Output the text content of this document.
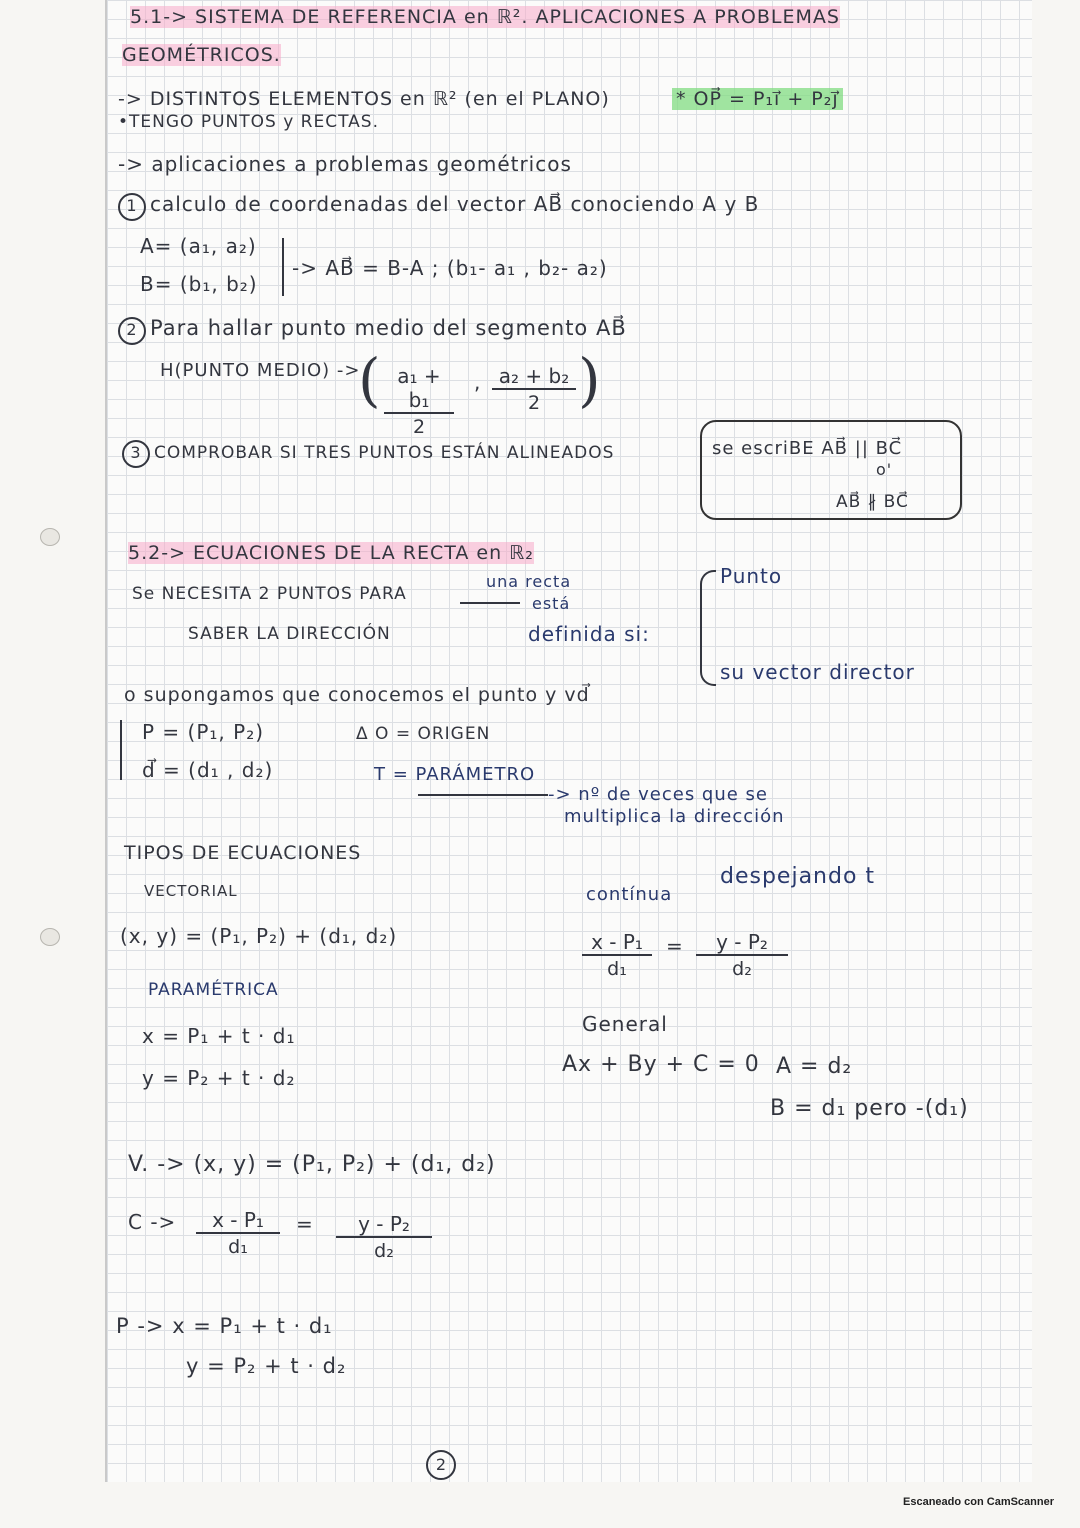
5.1-> SISTEMA DE REFERENCIA en ℝ². APLICACIONES A PROBLEMAS
GEOMÉTRICOS.
-> DISTINTOS ELEMENTOS en ℝ² (en el PLANO)	* OP⃗ = P₁i⃗ + P₂j⃗
•TENGO PUNTOS y RECTAS.
-> aplicaciones a problemas geométricos
1 calculo de coordenadas del vector AB⃗ conociendo A y B
A= (a₁, a₂)
B= (b₁, b₂)
-> AB⃗ = B-A ; (b₁- a₁ , b₂- a₂)
2 Para hallar punto medio del segmento AB⃗
H(PUNTO MEDIO) ->
( $\frac{\text{a₁ + b₁}}{2}$ , $\frac{\text{a₂ + b₂}}{2}$ )
3 COMPROBAR SI TRES PUNTOS ESTÁN ALINEADOS	se escriBE AB⃗ || BC⃗
o'
AB⃗ ∦ BC⃗
5.2-> ECUACIONES DE LA RECTA en ℝ₂
Se NECESITA 2 PUNTOS PARA
SABER LA DIRECCIÓN
una recta
está
definida si:
Punto
su vector director
o supongamos que conocemos el punto y vd⃗
P = (P₁, P₂)
d⃗ = (d₁ , d₂)
Δ O = ORIGEN
T = PARÁMETRO
-> nº de veces que se
multiplica la dirección
TIPOS DE ECUACIONES
VECTORIAL
(x, y) = (P₁, P₂) + (d₁, d₂)
contínua
despejando t
$\frac{\text{x - P₁}}{\text{d₁}} = \frac{\text{y - P₂}}{\text{d₂}}$
PARAMÉTRICA
x = P₁ + t · d₁
y = P₂ + t · d₂
General
Ax + By + C = 0 A = d₂
B = d₁ pero -(d₁)
V. -> (x, y) = (P₁, P₂) + (d₁, d₂)
$C -> \frac{\text{x - P₁}}{\text{d₁}} = \frac{\text{y - P₂}}{\text{d₂}}$
P -> x = P₁ + t · d₁
y = P₂ + t · d₂
2
Escaneado con CamScanner
